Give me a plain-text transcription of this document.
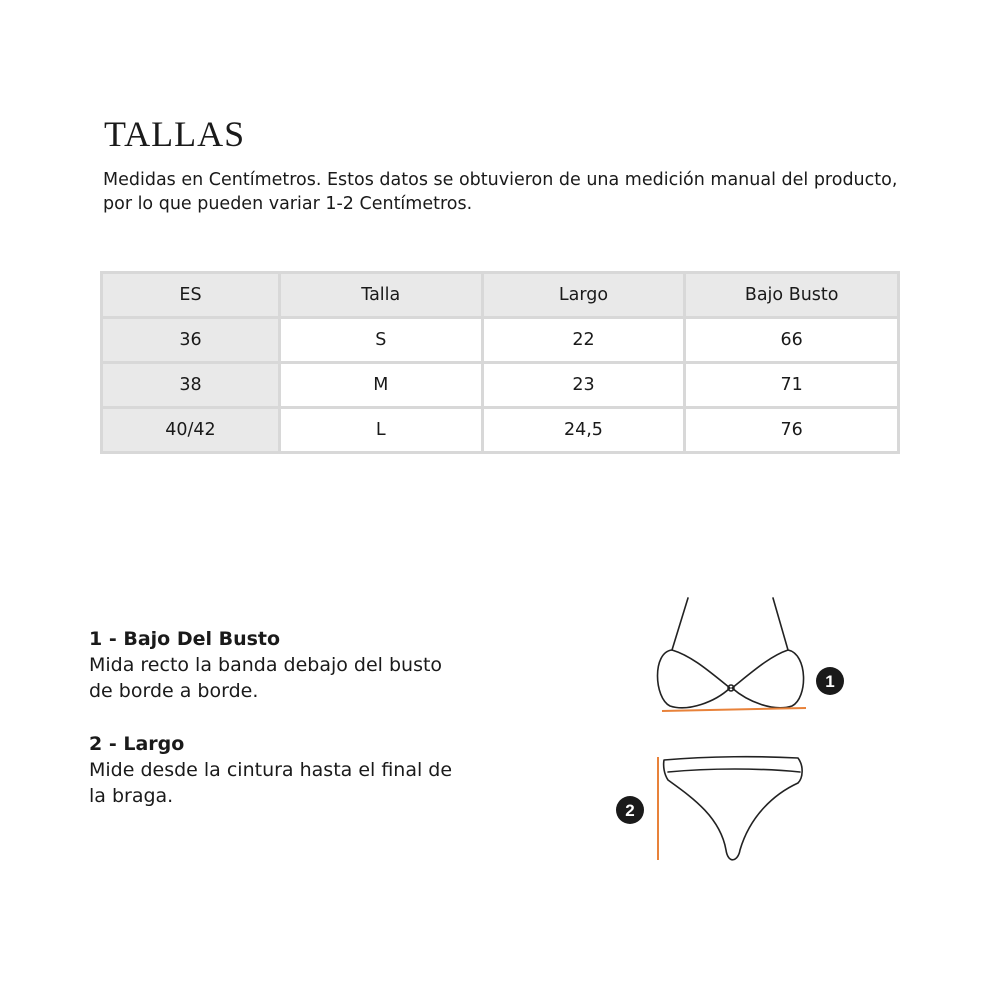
TALLAS

Medidas en Centímetros. Estos datos se obtuvieron de una medición manual del producto, por lo que pueden variar 1-2 Centímetros.

ES	Talla	Largo	Bajo Busto
36	S	22	66
38	M	23	71
40/42	L	24,5	76
1 - Bajo Del Busto

Mida recto la banda debajo del busto de borde a borde.

2 - Largo

Mide desde la cintura hasta el final de la braga.

1
2
